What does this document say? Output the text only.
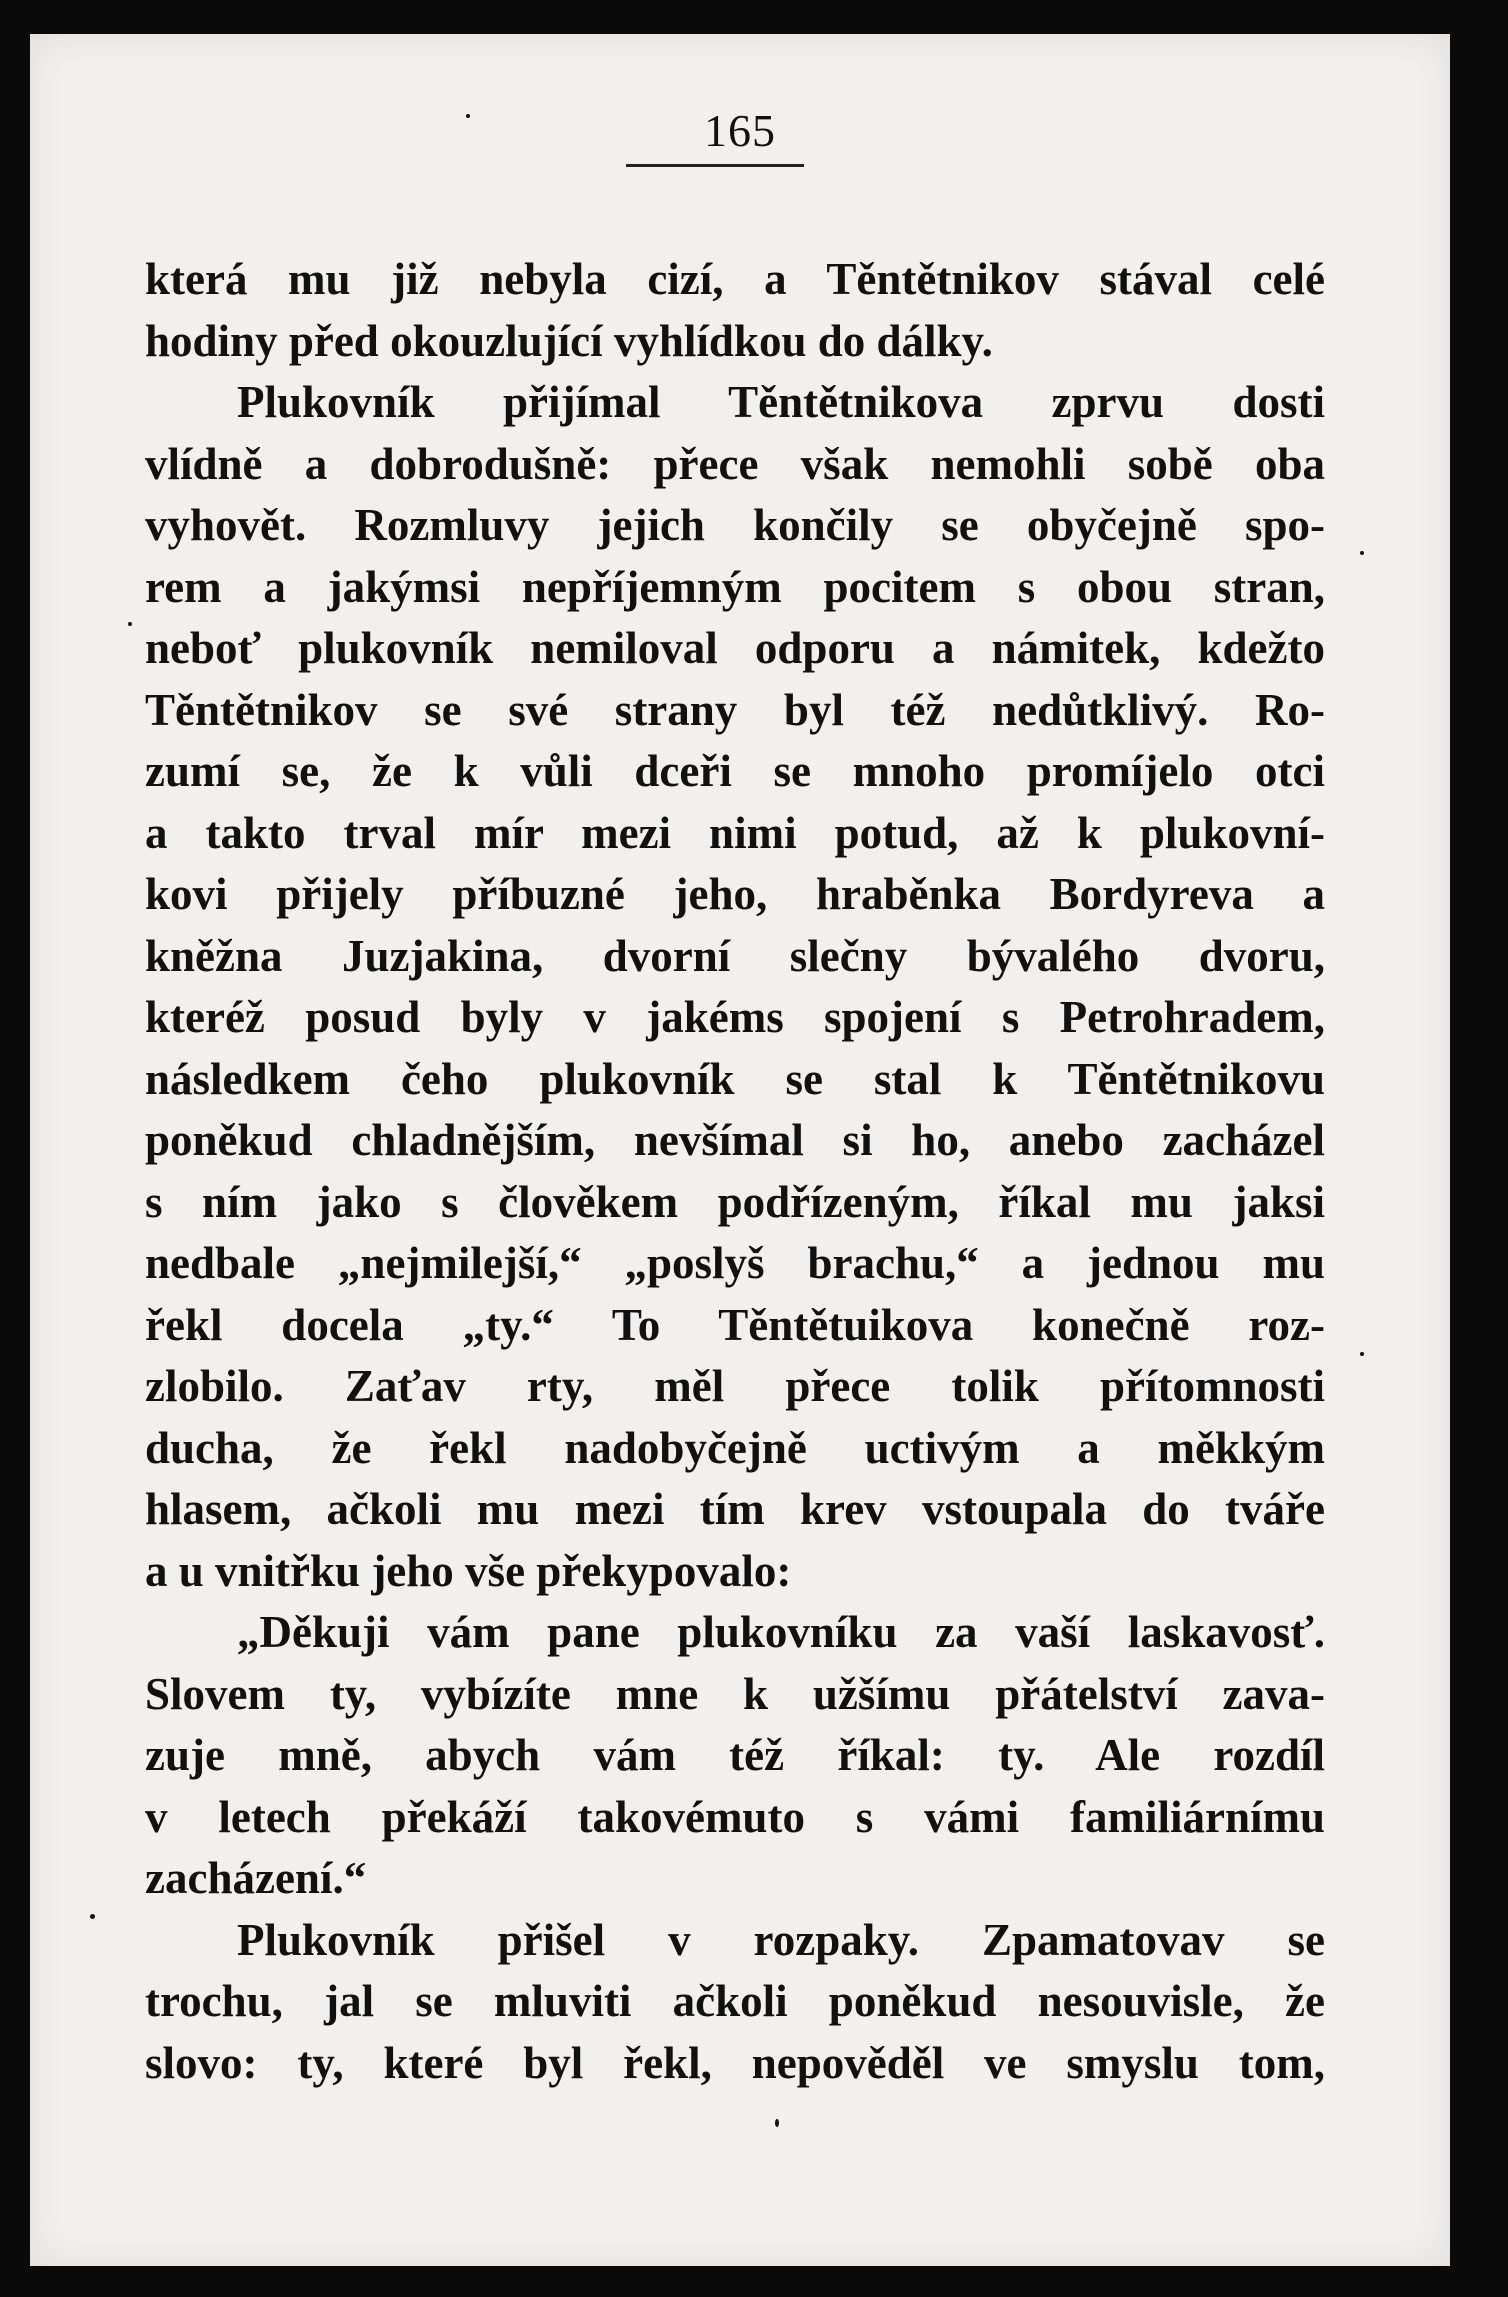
165
která mu již nebyla cizí, a Těntětnikov stával celé
hodiny před okouzlující vyhlídkou do dálky.
Plukovník přijímal Těntětnikova zprvu dosti
vlídně a dobrodušně: přece však nemohli sobě oba
vyhovět. Rozmluvy jejich končily se obyčejně spo-
rem a jakýmsi nepříjemným pocitem s obou stran,
neboť plukovník nemiloval odporu a námitek, kdežto
Těntětnikov se své strany byl též nedůtklivý. Ro-
zumí se, že k vůli dceři se mnoho promíjelo otci
a takto trval mír mezi nimi potud, až k plukovní-
kovi přijely příbuzné jeho, hraběnka Bordyreva a
kněžna Juzjakina, dvorní slečny bývalého dvoru,
kteréž posud byly v jakéms spojení s Petrohradem,
následkem čeho plukovník se stal k Těntětnikovu
poněkud chladnějším, nevšímal si ho, anebo zacházel
s ním jako s člověkem podřízeným, říkal mu jaksi
nedbale „nejmilejší,“ „poslyš brachu,“ a jednou mu
řekl docela „ty.“ To Těntětuikova konečně roz-
zlobilo. Zaťav rty, měl přece tolik přítomnosti
ducha, že řekl nadobyčejně uctivým a měkkým
hlasem, ačkoli mu mezi tím krev vstoupala do tváře
a u vnitřku jeho vše překypovalo:
„Děkuji vám pane plukovníku za vaší laskavosť.
Slovem ty, vybízíte mne k užšímu přátelství zava-
zuje mně, abych vám též říkal: ty. Ale rozdíl
v letech překáží takovémuto s vámi familiárnímu
zacházení.“
Plukovník přišel v rozpaky. Zpamatovav se
trochu, jal se mluviti ačkoli poněkud nesouvisle, že
slovo: ty, které byl řekl, nepověděl ve smyslu tom,
